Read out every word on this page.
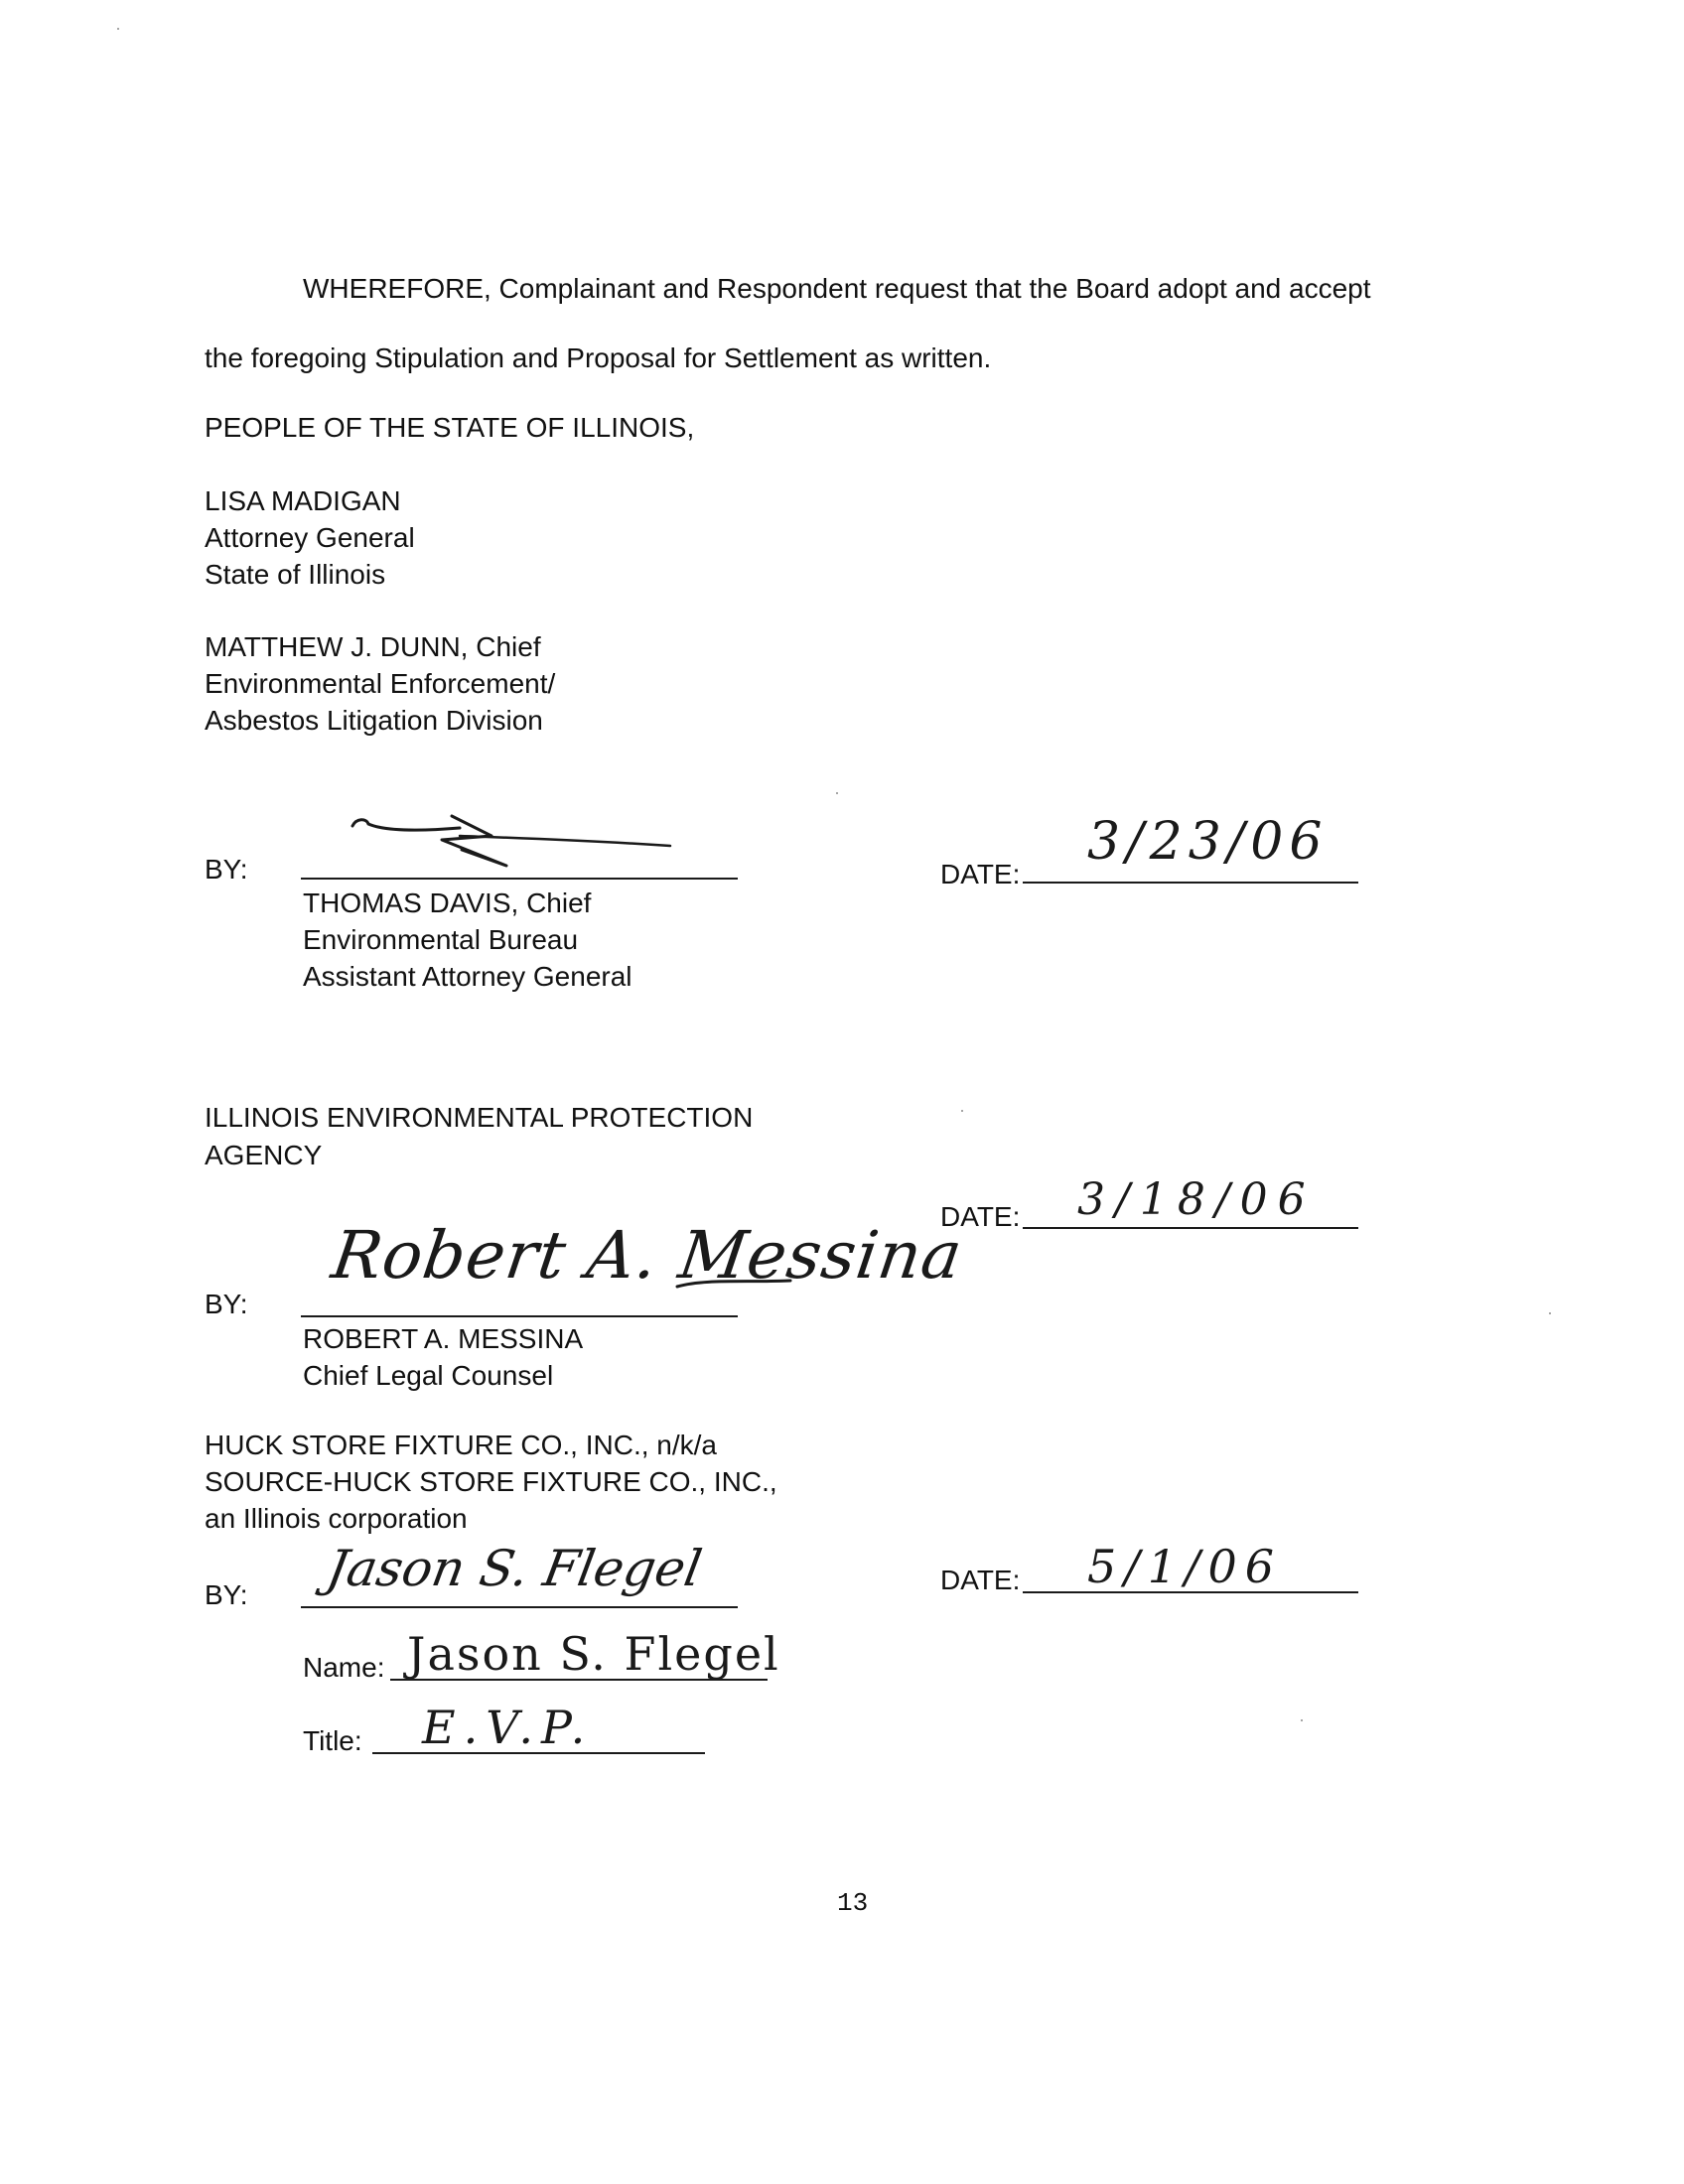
WHEREFORE, Complainant and Respondent request that the Board adopt and accept
the foregoing Stipulation and Proposal for Settlement as written.
PEOPLE OF THE STATE OF ILLINOIS,
LISA MADIGAN
Attorney General
State of Illinois
MATTHEW J. DUNN, Chief
Environmental Enforcement/
Asbestos Litigation Division
BY:	DATE:
3/23/06
THOMAS DAVIS, Chief
Environmental Bureau
Assistant Attorney General
ILLINOIS ENVIRONMENTAL PROTECTION
AGENCY
DATE: 3/18/06
BY:
Robert A. Messina
ROBERT A. MESSINA
Chief Legal Counsel
HUCK STORE FIXTURE CO., INC., n/k/a
SOURCE-HUCK STORE FIXTURE CO., INC.,
an Illinois corporation
BY: Jason S. Flegel	DATE: 5/1/06
Name: Jason S. Flegel
Title: E.V.P.
13
